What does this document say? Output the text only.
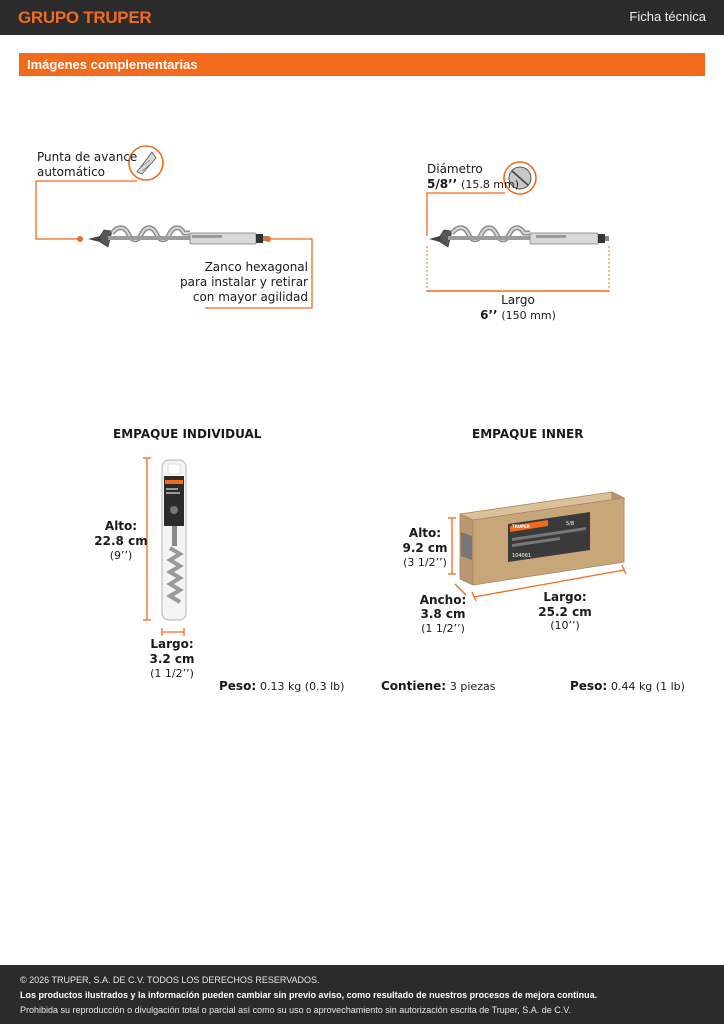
GRUPO TRUPER	Ficha técnica
Imágenes complementarias
Punta de avance
automático
Zanco hexagonal
para instalar y retirar
con mayor agilidad
Diámetro
5/8’’ (15.8 mm)
Largo
6’’ (150 mm)
EMPAQUE INDIVIDUAL	EMPAQUE INNER
104061
5/8
TRUPER
Alto:
22.8 cm
(9’’)
Largo:
3.2 cm
(1 1/2’’)
Peso: 0.13 kg (0.3 lb)
Alto:
9.2 cm
(3 1/2’’)
Ancho:
3.8 cm
(1 1/2’’)
Largo:
25.2 cm
(10’’)
Contiene: 3 piezas	Peso: 0.44 kg (1 lb)
© 2026 TRUPER, S.A. DE C.V. TODOS LOS DERECHOS RESERVADOS.
Los productos ilustrados y la información pueden cambiar sin previo aviso, como resultado de nuestros procesos de mejora continua.
Prohibida su reproducción o divulgación total o parcial así como su uso o aprovechamiento sin autorización escrita de Truper, S.A. de C.V.
